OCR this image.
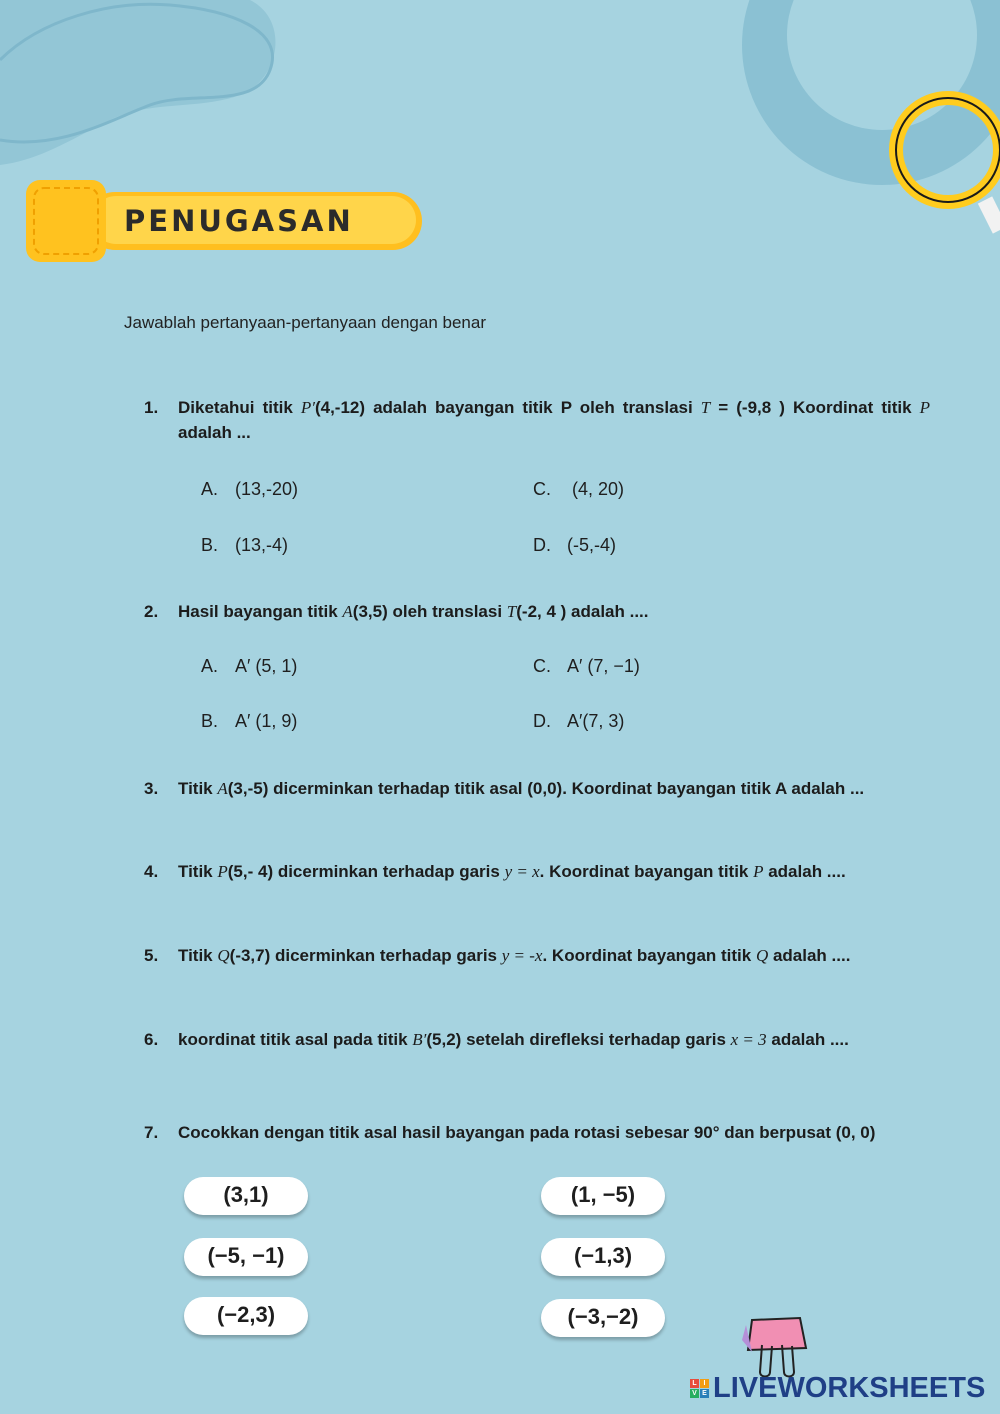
PENUGASAN
Jawablah pertanyaan-pertanyaan dengan benar
1. Diketahui titik P′(4,-12) adalah bayangan titik P oleh translasi T = (-9,8 ) Koordinat titik P adalah ...
A. (13,-20)
B. (13,-4)
C. (4, 20)
D. (-5,-4)
2. Hasil bayangan titik A(3,5) oleh translasi T(-2, 4 ) adalah ....
A. A′ (5, 1)
B. A′ (1, 9)
C. A′ (7, −1)
D. A′(7, 3)
3. Titik A(3,-5) dicerminkan terhadap titik asal (0,0). Koordinat bayangan titik A adalah ...
4. Titik P(5,- 4) dicerminkan terhadap garis y = x. Koordinat bayangan titik P adalah ....
5. Titik Q(-3,7) dicerminkan terhadap garis y = -x. Koordinat bayangan titik Q adalah ....
6. koordinat titik asal pada titik B′(5,2) setelah direfleksi terhadap garis x = 3 adalah ....
7. Cocokkan dengan titik asal hasil bayangan pada rotasi sebesar 90° dan berpusat (0, 0)
(3,1)
(−5, −1)
(−2,3)
(1, −5)
(−1,3)
(−3,−2)
L I
V E LIVEWORKSHEETS
